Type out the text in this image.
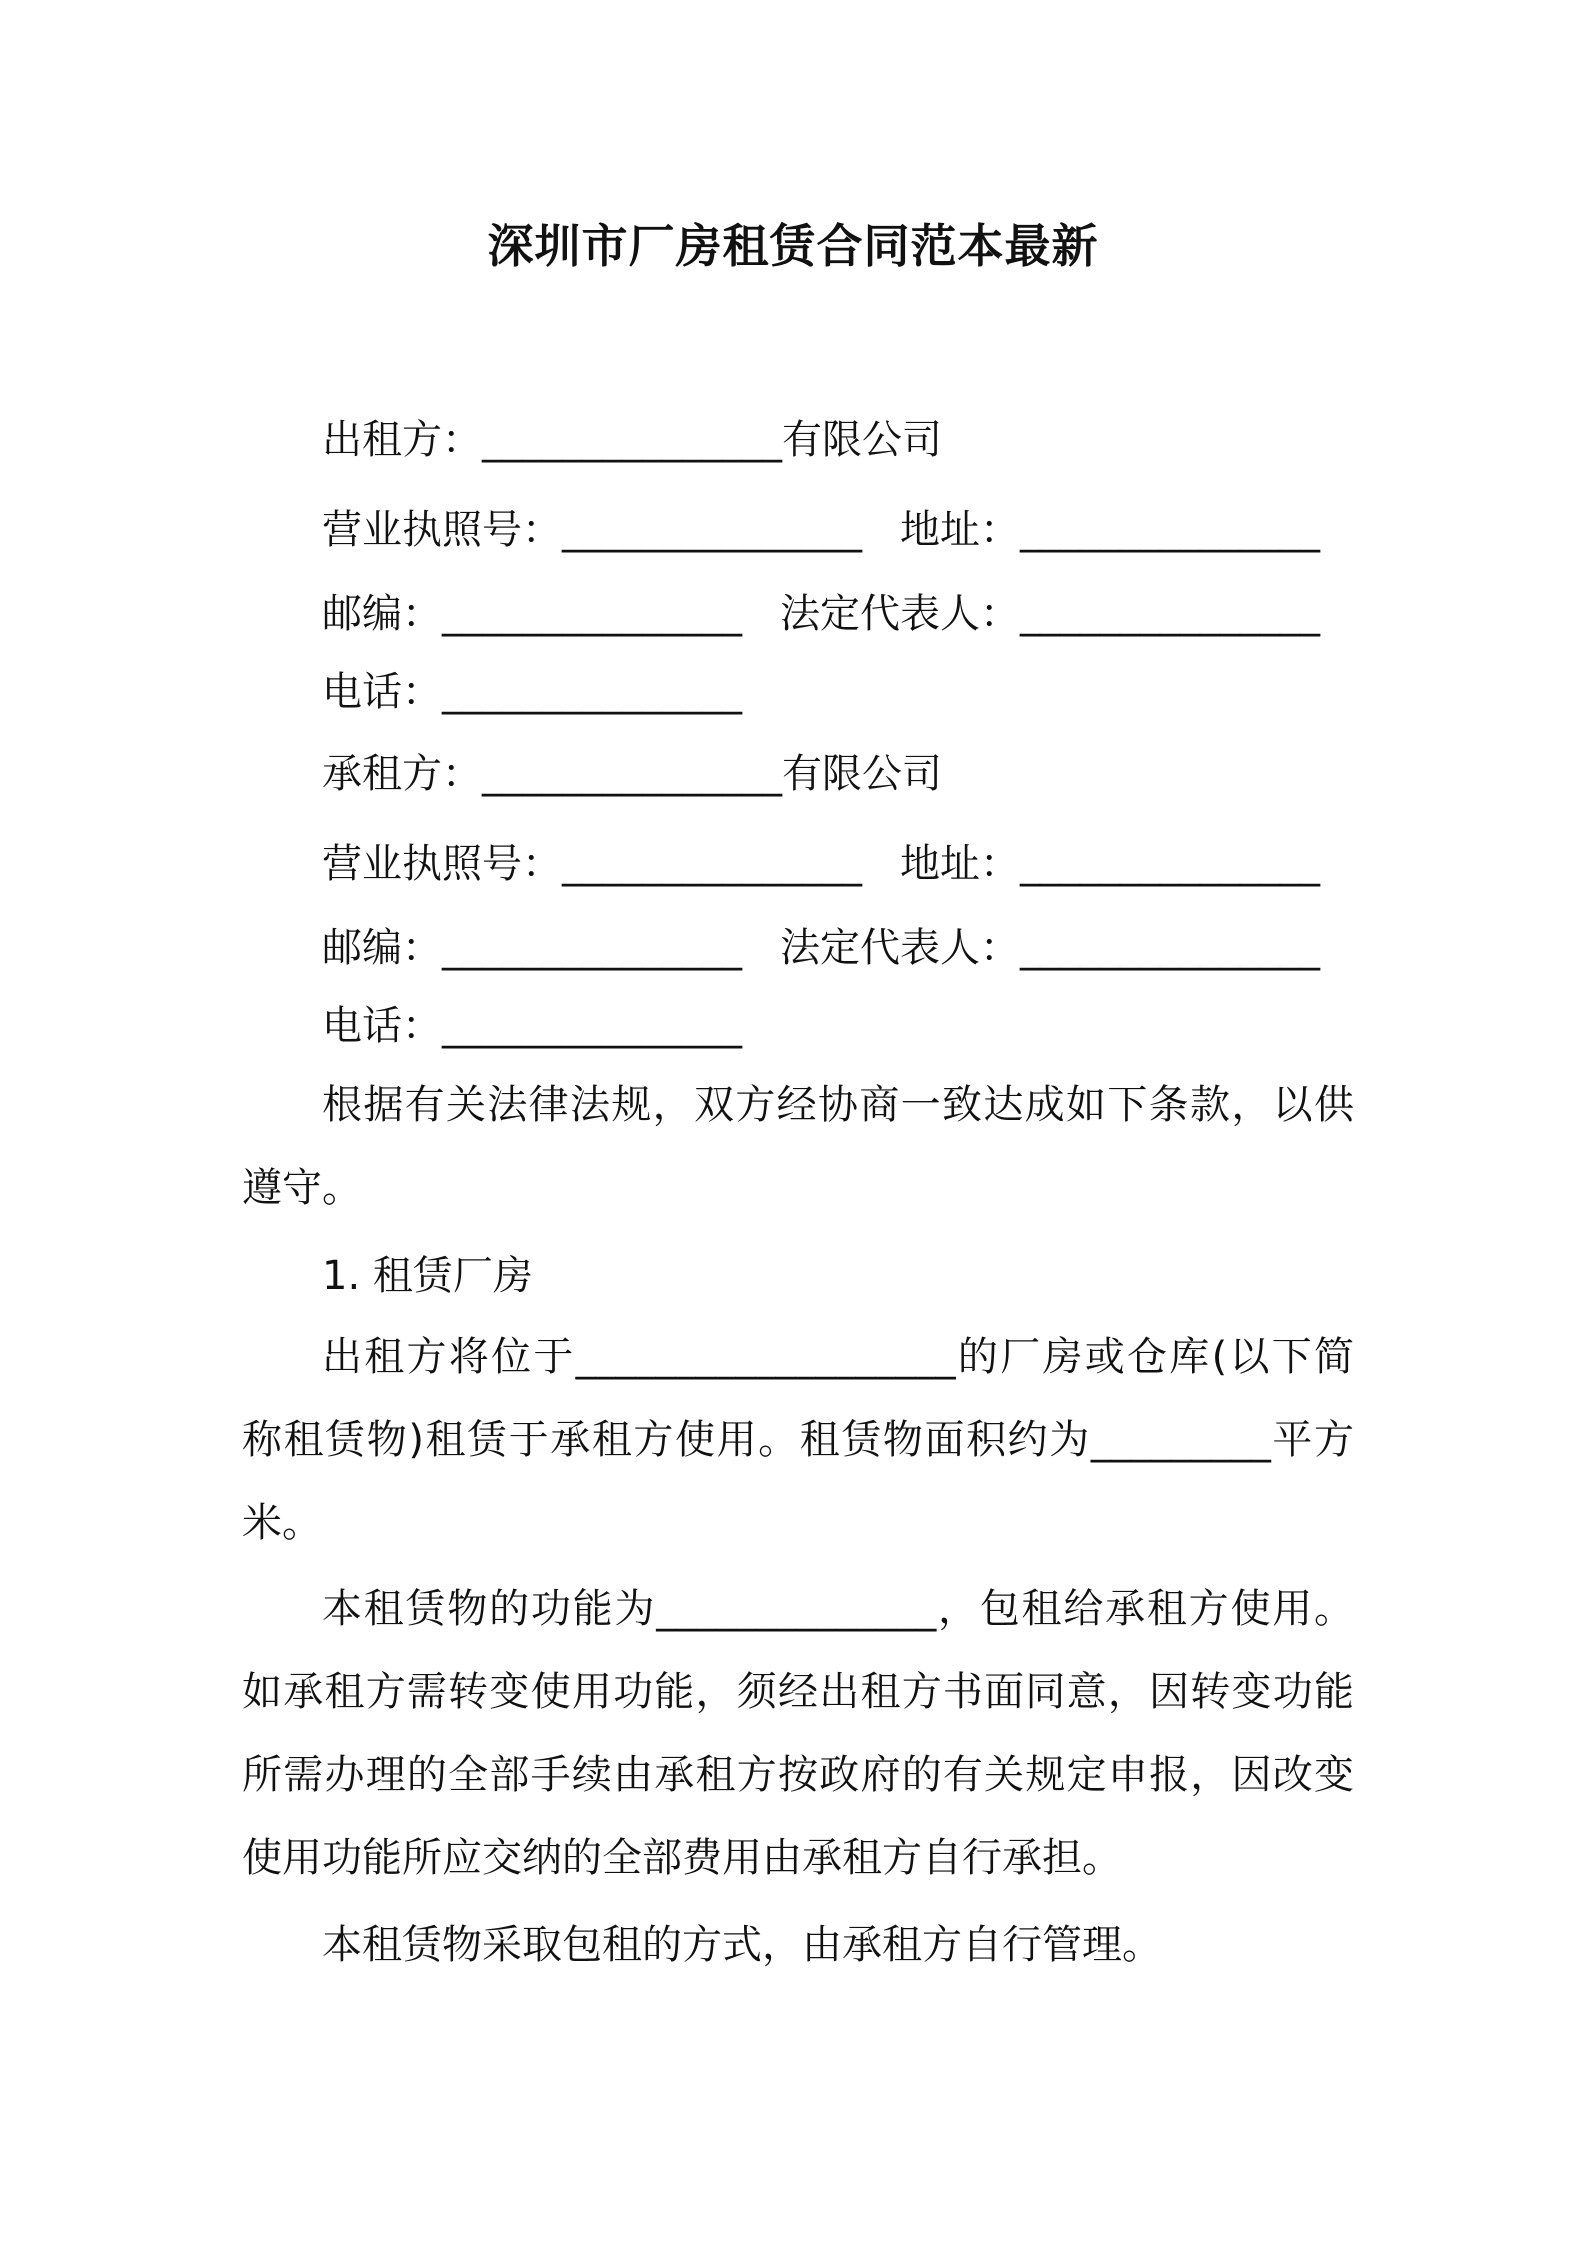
深圳市厂房租赁合同范本最新
出租方：_______________有限公司
营业执照号：_______________ 地址：_______________
邮编：_______________ 法定代表人：_______________
电话：_______________
承租方：_______________有限公司
营业执照号：_______________ 地址：_______________
邮编：_______________ 法定代表人：_______________
电话：_______________
根据有关法律法规，双方经协商一致达成如下条款，以供遵守。
1. 租赁厂房
出租方将位于___________________的厂房或仓库(以下简称租赁物)租赁于承租方使用。租赁物面积约为_________平方米。
本租赁物的功能为______________，包租给承租方使用。如承租方需转变使用功能，须经出租方书面同意，因转变功能所需办理的全部手续由承租方按政府的有关规定申报，因改变使用功能所应交纳的全部费用由承租方自行承担。
本租赁物采取包租的方式，由承租方自行管理。
